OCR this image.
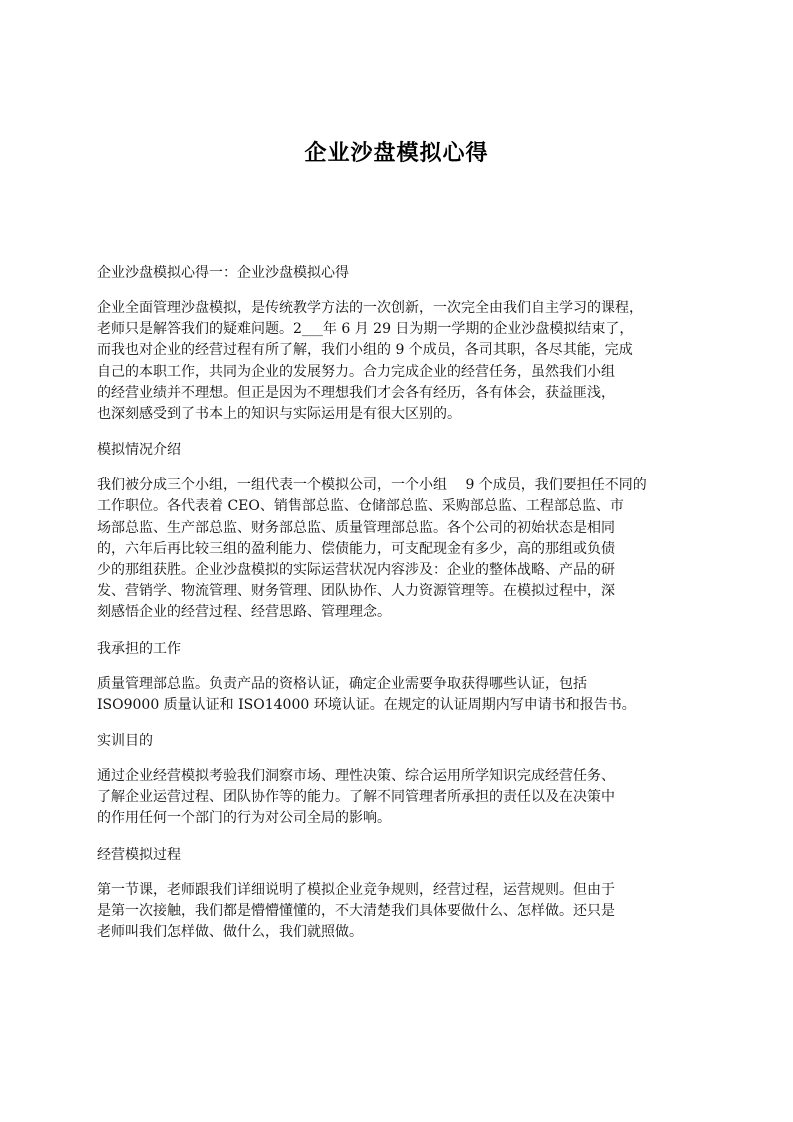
企业沙盘模拟心得

企业沙盘模拟心得一：企业沙盘模拟心得

企业全面管理沙盘模拟，是传统教学方法的一次创新，一次完全由我们自主学习的课程，
老师只是解答我们的疑难问题。2___年 6 月 29 日为期一学期的企业沙盘模拟结束了，
而我也对企业的经营过程有所了解，我们小组的 9 个成员，各司其职，各尽其能，完成
自己的本职工作，共同为企业的发展努力。合力完成企业的经营任务，虽然我们小组
的经营业绩并不理想。但正是因为不理想我们才会各有经历，各有体会，获益匪浅，
也深刻感受到了书本上的知识与实际运用是有很大区别的。

模拟情况介绍

我们被分成三个小组，一组代表一个模拟公司，一个小组　 9 个成员，我们要担任不同的
工作职位。各代表着 CEO、销售部总监、仓储部总监、采购部总监、工程部总监、市
场部总监、生产部总监、财务部总监、质量管理部总监。各个公司的初始状态是相同
的，六年后再比较三组的盈利能力、偿债能力，可支配现金有多少，高的那组或负债
少的那组获胜。企业沙盘模拟的实际运营状况内容涉及：企业的整体战略、产品的研
发、营销学、物流管理、财务管理、团队协作、人力资源管理等。在模拟过程中，深
刻感悟企业的经营过程、经营思路、管理理念。

我承担的工作

质量管理部总监。负责产品的资格认证，确定企业需要争取获得哪些认证，包括
ISO9000 质量认证和 ISO14000 环境认证。在规定的认证周期内写申请书和报告书。

实训目的

通过企业经营模拟考验我们洞察市场、理性决策、综合运用所学知识完成经营任务、
了解企业运营过程、团队协作等的能力。了解不同管理者所承担的责任以及在决策中
的作用任何一个部门的行为对公司全局的影响。

经营模拟过程

第一节课，老师跟我们详细说明了模拟企业竞争规则，经营过程，运营规则。但由于
是第一次接触，我们都是懵懵懂懂的，不大清楚我们具体要做什么、怎样做。还只是
老师叫我们怎样做、做什么，我们就照做。
